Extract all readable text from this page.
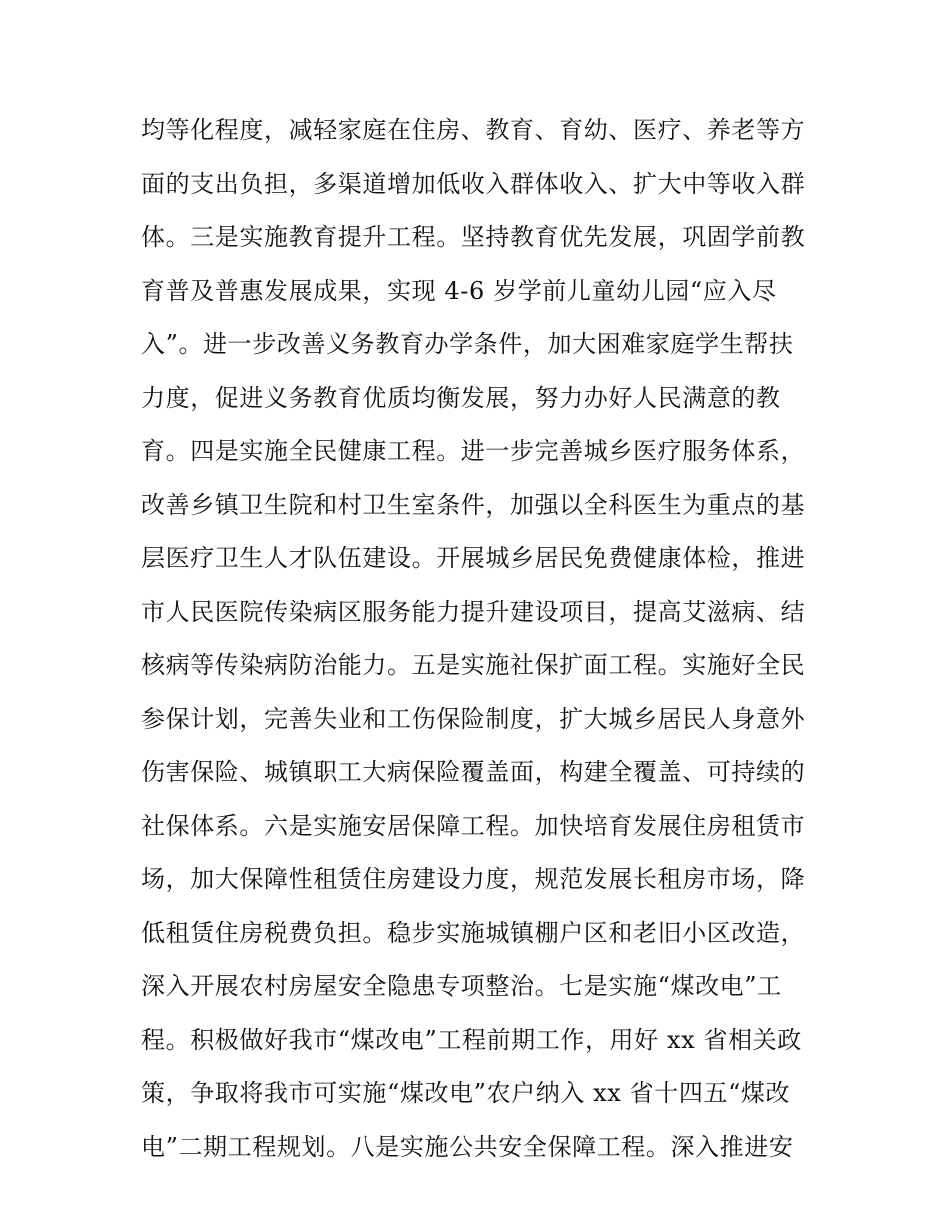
均等化程度，减轻家庭在住房、教育、育幼、医疗、养老等方
面的支出负担，多渠道增加低收入群体收入、扩大中等收入群
体。三是实施教育提升工程。坚持教育优先发展，巩固学前教
育普及普惠发展成果，实现 4-6 岁学前儿童幼儿园“应入尽
入”。进一步改善义务教育办学条件，加大困难家庭学生帮扶
力度，促进义务教育优质均衡发展，努力办好人民满意的教
育。四是实施全民健康工程。进一步完善城乡医疗服务体系，
改善乡镇卫生院和村卫生室条件，加强以全科医生为重点的基
层医疗卫生人才队伍建设。开展城乡居民免费健康体检，推进
市人民医院传染病区服务能力提升建设项目，提高艾滋病、结
核病等传染病防治能力。五是实施社保扩面工程。实施好全民
参保计划，完善失业和工伤保险制度，扩大城乡居民人身意外
伤害保险、城镇职工大病保险覆盖面，构建全覆盖、可持续的
社保体系。六是实施安居保障工程。加快培育发展住房租赁市
场，加大保障性租赁住房建设力度，规范发展长租房市场，降
低租赁住房税费负担。稳步实施城镇棚户区和老旧小区改造，
深入开展农村房屋安全隐患专项整治。七是实施“煤改电”工
程。积极做好我市“煤改电”工程前期工作，用好 xx 省相关政
策，争取将我市可实施“煤改电”农户纳入 xx 省十四五“煤改
电”二期工程规划。八是实施公共安全保障工程。深入推进安
